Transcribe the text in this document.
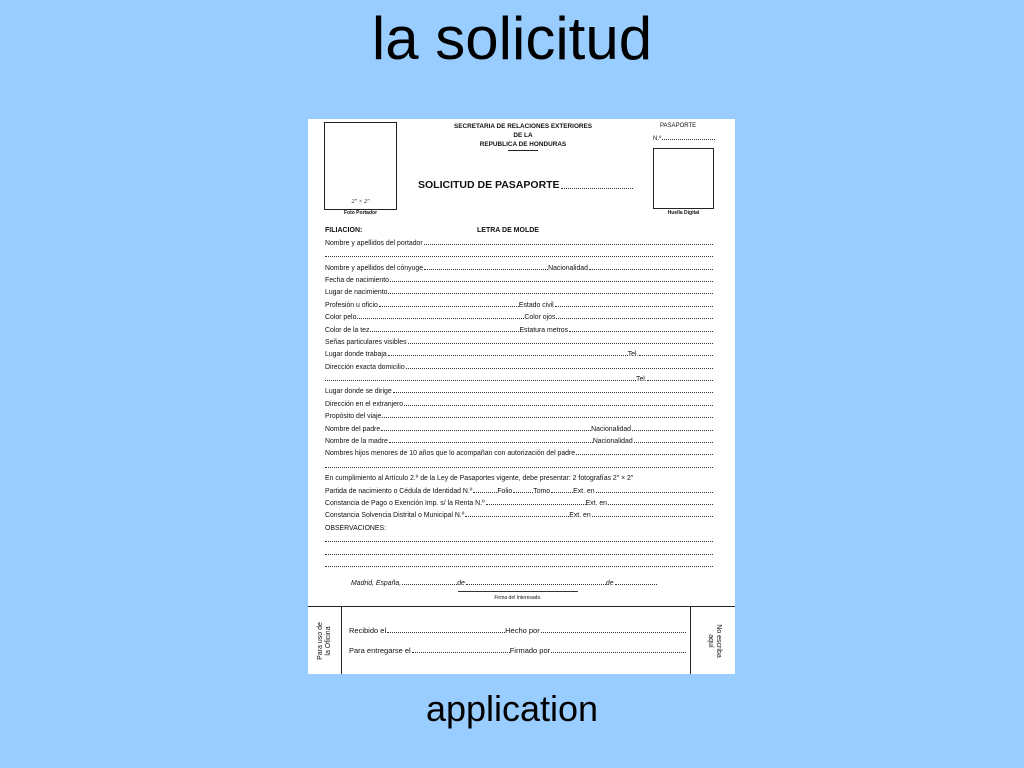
la solicitud
2" × 2"
Foto Portador
SECRETARIA DE RELACIONES EXTERIORES
DE LA
REPUBLICA DE HONDURAS
PASAPORTE
N.º
Huella Digital
SOLICITUD DE PASAPORTE
FILIACION:	LETRA DE MOLDE
Nombre y apellidos del portador
Nombre y apellidos del cónyuge	Nacionalidad
Fecha de nacimiento
Lugar de nacimiento
Profesión u oficio	Estado civil
Color pelo	Color ojos
Color de la tez	Estatura metros
Señas particulares visibles
Lugar donde trabaja	Tel.
Dirección exacta domicilio
Tel.
Lugar donde se dirige
Dirección en el extranjero
Propósito del viaje
Nombre del padre	Nacionalidad
Nombre de la madre	Nacionalidad
Nombres hijos menores de 10 años que lo acompañan con autorización del padre
En cumplimiento al Artículo 2.º de la Ley de Pasaportes vigente, debe presentar: 2 fotografías 2" × 2"
Partida de nacimiento o Cédula de Identidad N.º	Folio	Tomo	Ext. en
Constancia de Pago o Exención Imp. s/ la Renta N.º	Ext. en
Constancia Solvencia Distrital o Municipal N.º	Ext. en
OBSERVACIONES:
Madrid, España,	de	de
Firma del Interesado.
Para uso de
la Oficina Recibido el	Hecho por
Para entregarse el	Firmado por
No escriba
aquí
application
